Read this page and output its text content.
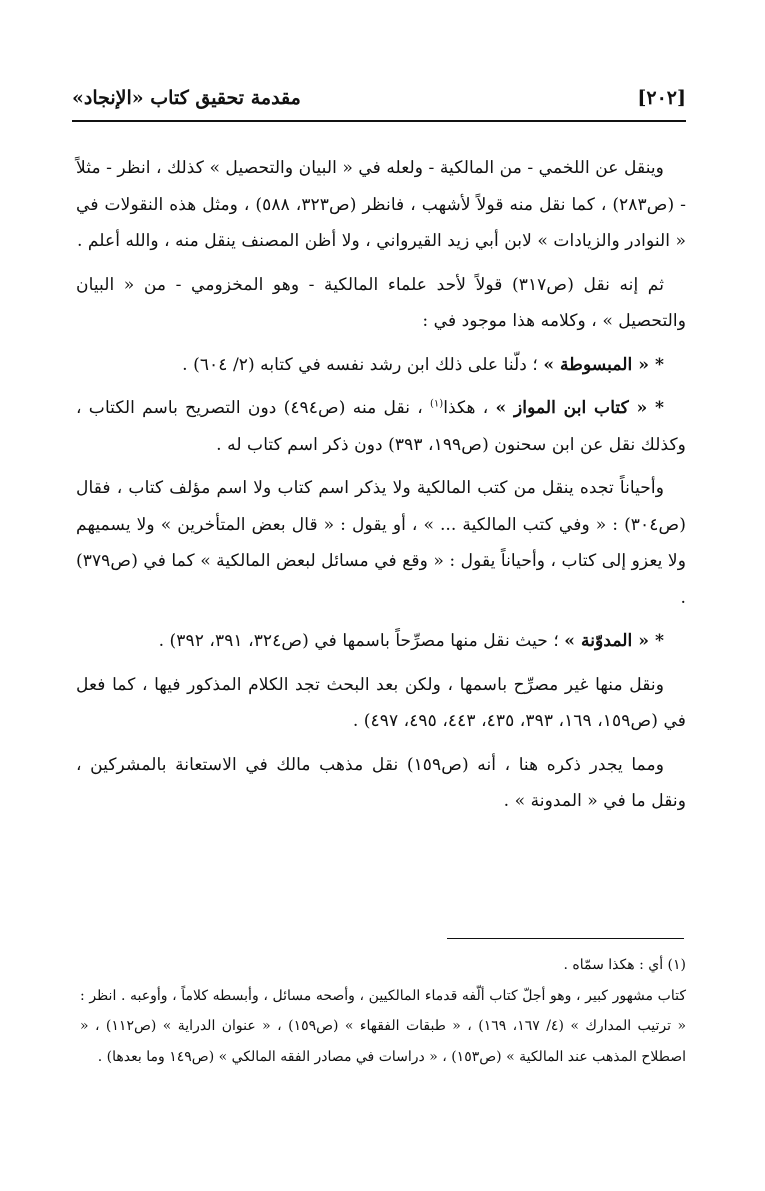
[٢٠٢]
مقدمة تحقيق كتاب «الإنجاد»

وينقل عن اللخمي - من المالكية - ولعله في « البيان والتحصيل » كذلك ، انظر - مثلاً - (ص٢٨٣) ، كما نقل منه قولاً لأشهب ، فانظر (ص٣٢٣، ٥٨٨) ، ومثل هذه النقولات في « النوادر والزيادات » لابن أبي زيد القيرواني ، ولا أظن المصنف ينقل منه ، والله أعلم .

ثم إنه نقل (ص٣١٧) قولاً لأحد علماء المالكية - وهو المخزومي - من « البيان والتحصيل » ، وكلامه هذا موجود في :

* « المبسوطة » ؛ دلّنا على ذلك ابن رشد نفسه في كتابه (٢/ ٦٠٤) .

* « كتاب ابن المواز » ، هكذا$^{(١)}$ ، نقل منه (ص٤٩٤) دون التصريح باسم الكتاب ، وكذلك نقل عن ابن سحنون (ص١٩٩، ٣٩٣) دون ذكر اسم كتاب له .

وأحياناً تجده ينقل من كتب المالكية ولا يذكر اسم كتاب ولا اسم مؤلف كتاب ، فقال (ص٣٠٤) : « وفي كتب المالكية ... » ، أو يقول : « قال بعض المتأخرين » ولا يسميهم ولا يعزو إلى كتاب ، وأحياناً يقول : « وقع في مسائل لبعض المالكية » كما في (ص٣٧٩) .

* « المدوّنة » ؛ حيث نقل منها مصرِّحاً باسمها في (ص٣٢٤، ٣٩١، ٣٩٢) .

ونقل منها غير مصرِّح باسمها ، ولكن بعد البحث تجد الكلام المذكور فيها ، كما فعل في (ص١٥٩، ١٦٩، ٣٩٣، ٤٣٥، ٤٤٣، ٤٩٥، ٤٩٧) .

ومما يجدر ذكره هنا ، أنه (ص١٥٩) نقل مذهب مالك في الاستعانة بالمشركين ، ونقل ما في « المدونة » .

(١) أي : هكذا سمّاه .

كتاب مشهور كبير ، وهو أجلّ كتاب ألّفه قدماء المالكيين ، وأصحه مسائل ، وأبسطه كلاماً ، وأوعبه . انظر : « ترتيب المدارك » (٤/ ١٦٧، ١٦٩) ، « طبقات الفقهاء » (ص١٥٩) ، « عنوان الدراية » (ص١١٢) ، « اصطلاح المذهب عند المالكية » (ص١٥٣) ، « دراسات في مصادر الفقه المالكي » (ص١٤٩ وما بعدها) .
